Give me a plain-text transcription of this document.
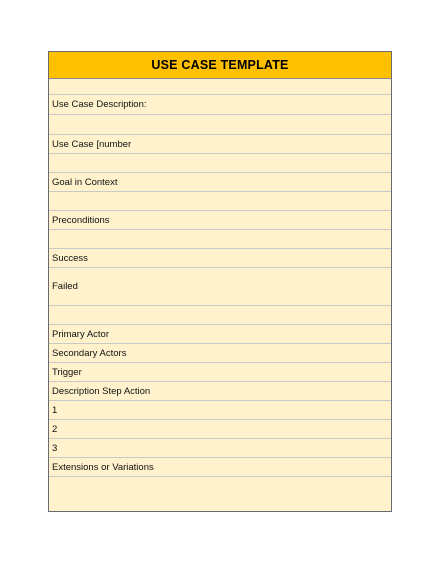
USE CASE TEMPLATE
Use Case Description:
Use Case [number
Goal in Context
Preconditions
Success
Failed
Primary Actor
Secondary Actors
Trigger
Description Step Action
1
2
3
Extensions or Variations
